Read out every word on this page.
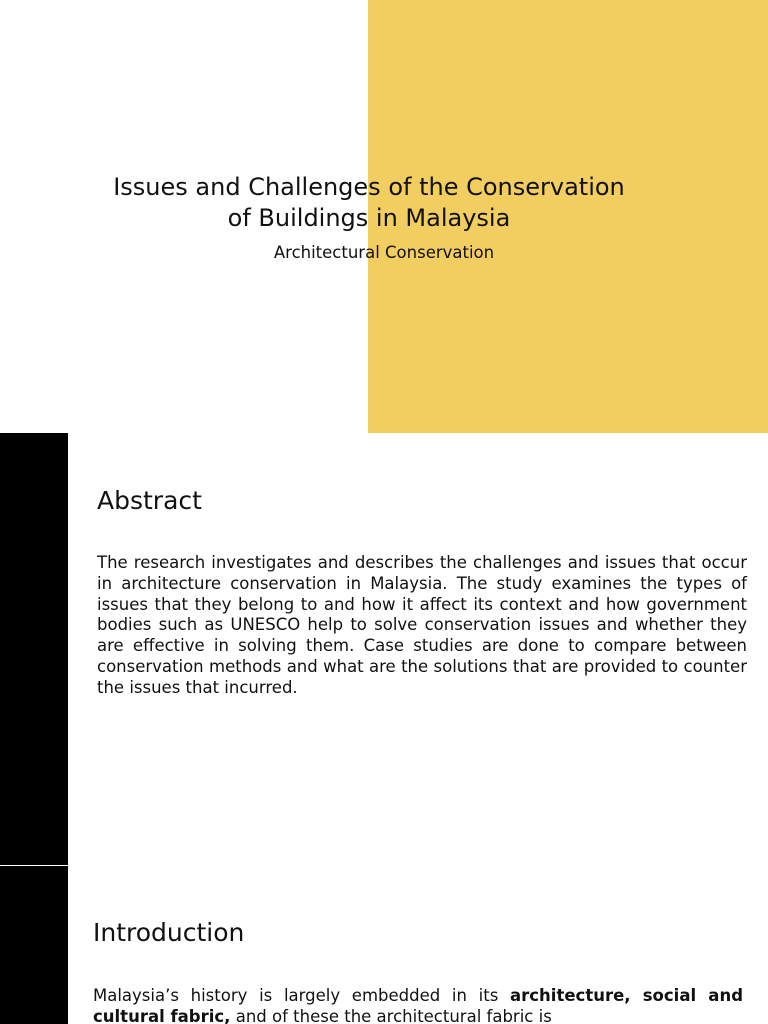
Issues and Challenges of the Conservation
of Buildings in Malaysia

Architectural Conservation

Abstract

The research investigates and describes the challenges and issues that occur in architecture conservation in Malaysia. The study examines the types of issues that they belong to and how it affect its context and how government bodies such as UNESCO help to solve conservation issues and whether they are effective in solving them. Case studies are done to compare between conservation methods and what are the solutions that are provided to counter the issues that incurred.

Introduction

Malaysia’s history is largely embedded in its architecture, social and cultural fabric, and of these the architectural fabric is
